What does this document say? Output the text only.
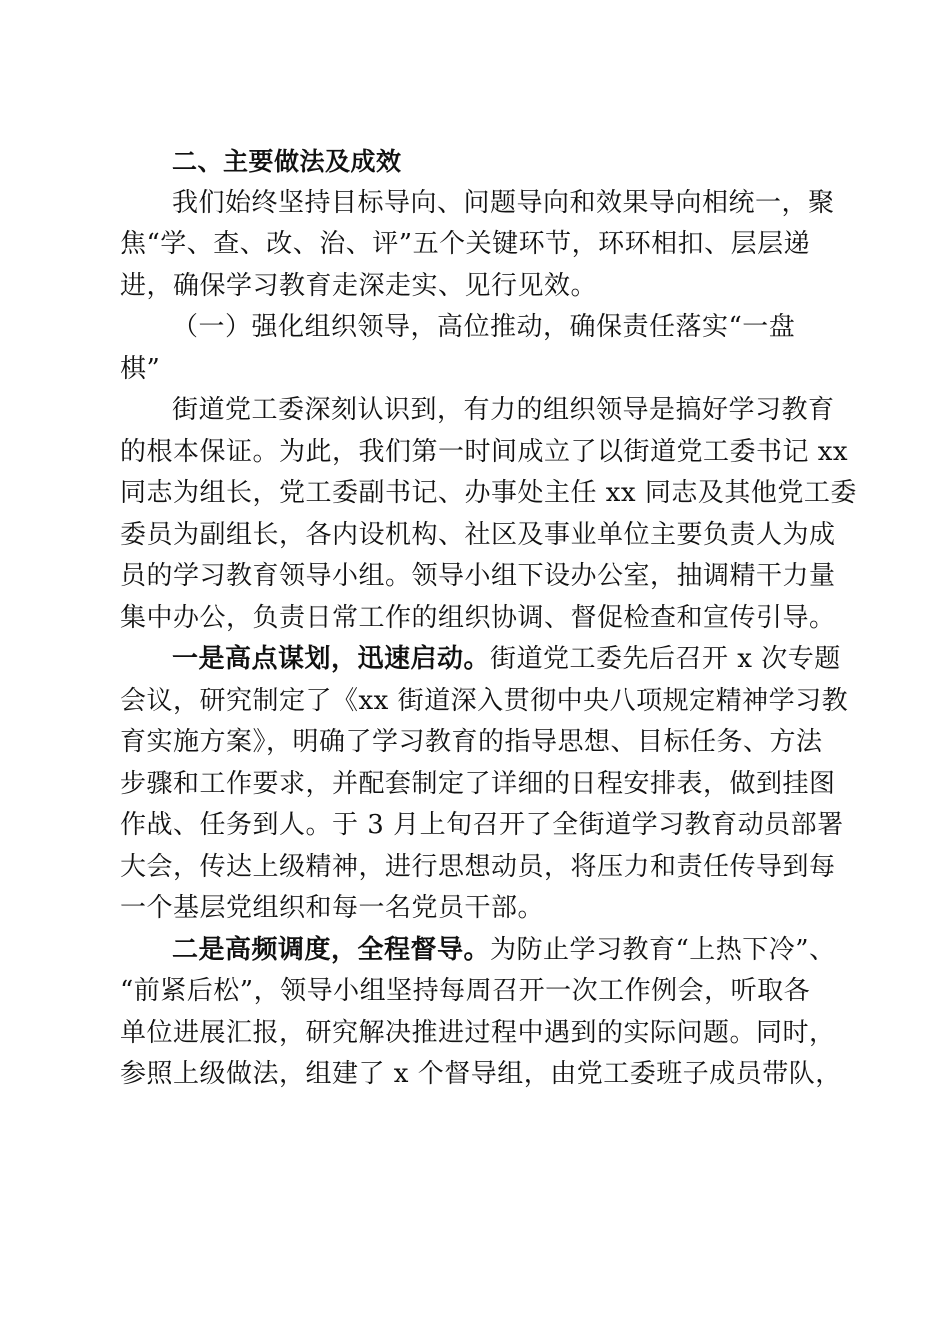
二、主要做法及成效
我们始终坚持目标导向、问题导向和效果导向相统一，聚
焦“学、查、改、治、评”五个关键环节，环环相扣、层层递
进，确保学习教育走深走实、见行见效。
（一）强化组织领导，高位推动，确保责任落实“一盘
棋”
街道党工委深刻认识到，有力的组织领导是搞好学习教育
的根本保证。为此，我们第一时间成立了以街道党工委书记 xx
同志为组长，党工委副书记、办事处主任 xx 同志及其他党工委
委员为副组长，各内设机构、社区及事业单位主要负责人为成
员的学习教育领导小组。领导小组下设办公室，抽调精干力量
集中办公，负责日常工作的组织协调、督促检查和宣传引导。
一是高点谋划，迅速启动。街道党工委先后召开 x 次专题
会议，研究制定了《xx 街道深入贯彻中央八项规定精神学习教
育实施方案》，明确了学习教育的指导思想、目标任务、方法
步骤和工作要求，并配套制定了详细的日程安排表，做到挂图
作战、任务到人。于 3 月上旬召开了全街道学习教育动员部署
大会，传达上级精神，进行思想动员，将压力和责任传导到每
一个基层党组织和每一名党员干部。
二是高频调度，全程督导。为防止学习教育“上热下冷”、
“前紧后松”，领导小组坚持每周召开一次工作例会，听取各
单位进展汇报，研究解决推进过程中遇到的实际问题。同时，
参照上级做法，组建了 x 个督导组，由党工委班子成员带队，
